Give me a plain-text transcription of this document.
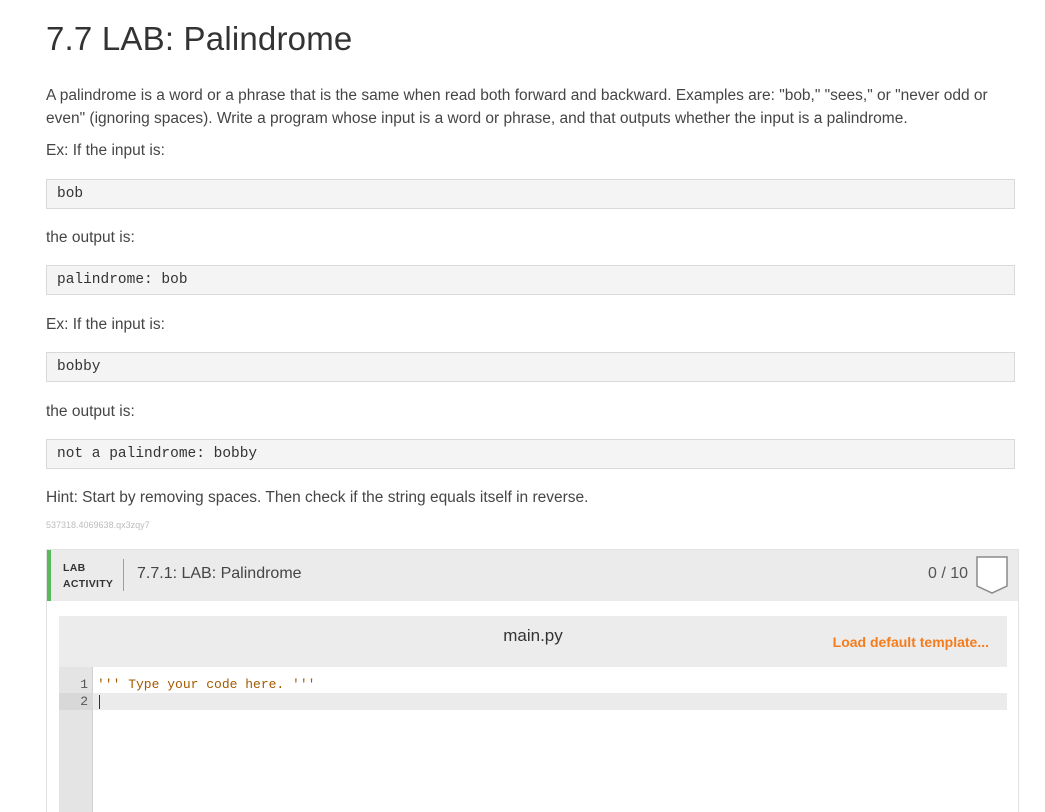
7.7 LAB: Palindrome

A palindrome is a word or a phrase that is the same when read both forward and backward. Examples are: "bob," "sees," or "never odd or even" (ignoring spaces). Write a program whose input is a word or phrase, and that outputs whether the input is a palindrome.

Ex: If the input is:

bob

the output is:

palindrome: bob

Ex: If the input is:

bobby

the output is:

not a palindrome: bobby

Hint: Start by removing spaces. Then check if the string equals itself in reverse.

537318.4069638.qx3zqy7
LAB
ACTIVITY
7.7.1: LAB: Palindrome	0 / 10
main.py	Load default template...
1 ''' Type your code here. '''
2
